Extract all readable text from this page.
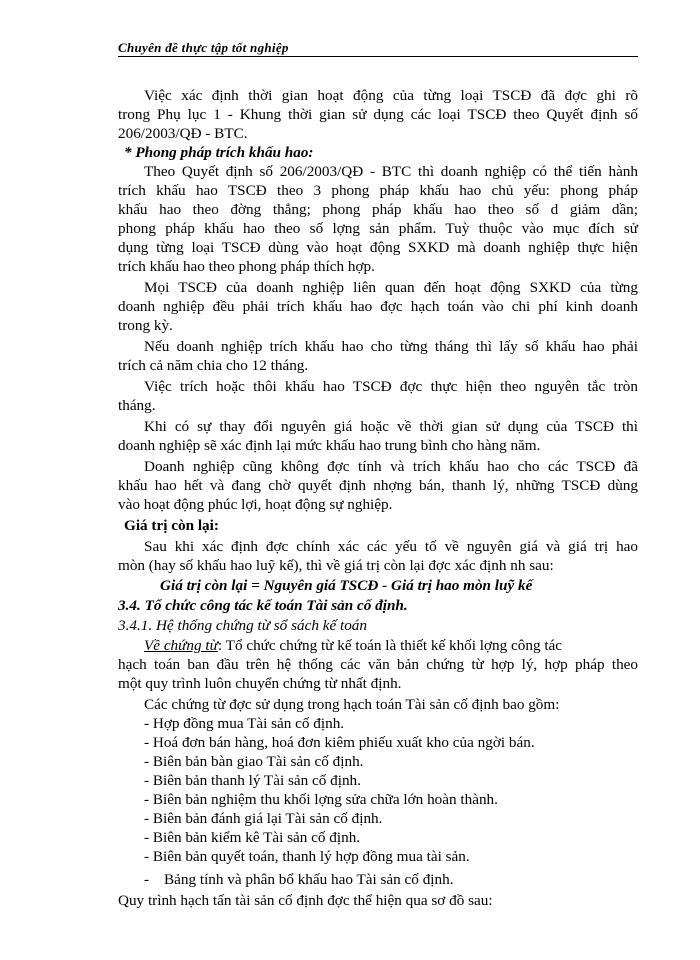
Chuyên đề thực tập tốt nghiệp
Việc xác định thời gian hoạt động của từng loại TSCĐ đã đợc ghi rõ
trong Phụ lục 1 - Khung thời gian sử dụng các loại TSCĐ theo Quyết định số
206/2003/QĐ - BTC.
* Phong pháp trích khấu hao:
Theo Quyết định số 206/2003/QĐ - BTC thì doanh nghiệp có thể tiến hành
trích khấu hao TSCĐ theo 3 phong pháp khấu hao chủ yếu: phong pháp
khấu hao theo đờng thẳng; phong pháp khấu hao theo số d giảm dần;
phong pháp khấu hao theo số lợng sản phẩm. Tuỳ thuộc vào mục đích sử
dụng từng loại TSCĐ dùng vào hoạt động SXKD mà doanh nghiệp thực hiện
trích khấu hao theo phong pháp thích hợp.
Mọi TSCĐ của doanh nghiệp liên quan đến hoạt động SXKD của từng
doanh nghiệp đều phải trích khấu hao đợc hạch toán vào chi phí kinh doanh
trong kỳ.
Nếu doanh nghiệp trích khấu hao cho từng tháng thì lấy số khấu hao phải
trích cả năm chia cho 12 tháng.
Việc trích hoặc thôi khấu hao TSCĐ đợc thực hiện theo nguyên tắc tròn
tháng.
Khi có sự thay đổi nguyên giá hoặc về thời gian sử dụng của TSCĐ thì
doanh nghiệp sẽ xác định lại mức khấu hao trung bình cho hàng năm.
Doanh nghiệp cũng không đợc tính và trích khấu hao cho các TSCĐ đã
khấu hao hết và đang chờ quyết định nhợng bán, thanh lý, những TSCĐ dùng
vào hoạt động phúc lợi, hoạt động sự nghiệp.
Giá trị còn lại:
Sau khi xác định đợc chính xác các yếu tố về nguyên giá và giá trị hao
mòn (hay số khấu hao luỹ kế), thì về giá trị còn lại đợc xác định nh sau:
Giá trị còn lại = Nguyên giá TSCĐ - Giá trị hao mòn luỹ kế
3.4. Tổ chức công tác kế toán Tài sản cố định.
3.4.1. Hệ thống chứng từ sổ sách kế toán
Về chứng từ: Tổ chức chứng từ kế toán là thiết kế khối lợng công tác
hạch toán ban đầu trên hệ thống các văn bản chứng từ hợp lý, hợp pháp theo
một quy trình luôn chuyển chứng từ nhất định.
Các chứng từ đợc sử dụng trong hạch toán Tài sản cố định bao gồm:
- Hợp đồng mua Tài sản cố định.
- Hoá đơn bán hàng, hoá đơn kiêm phiếu xuất kho của ngời bán.
- Biên bản bàn giao Tài sản cố định.
- Biên bản thanh lý Tài sản cố định.
- Biên bản nghiệm thu khối lợng sửa chữa lớn hoàn thành.
- Biên bản đánh giá lại Tài sản cố định.
- Biên bản kiểm kê Tài sản cố định.
- Biên bản quyết toán, thanh lý hợp đồng mua tài sản.
- Bảng tính và phân bổ khấu hao Tài sản cố định.
Quy trình hạch tấn tài sản cố định đợc thể hiện qua sơ đồ sau:
